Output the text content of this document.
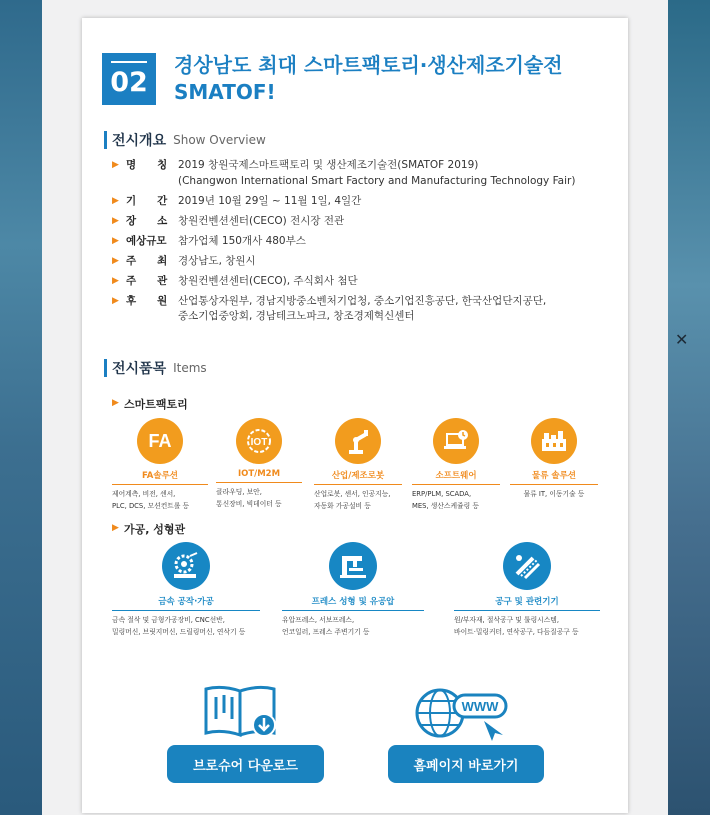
✕
02
경상남도 최대 스마트팩토리·생산제조기술전
SMATOF!
전시개요 Show Overview
▶ 명　　칭	2019 창원국제스마트팩토리 및 생산제조기술전(SMATOF 2019)
(Changwon International Smart Factory and Manufacturing Technology Fair)
▶ 기　　간	2019년 10월 29일 ~ 11월 1일, 4일간
▶ 장　　소	창원컨벤션센터(CECO) 전시장 전관
▶ 예상규모	참가업체 150개사 480부스
▶ 주　　최	경상남도, 창원시
▶ 주　　관	창원컨벤션센터(CECO), 주식회사 첨단
▶ 후　　원	산업통상자원부, 경남지방중소벤처기업청, 중소기업진흥공단, 한국산업단지공단,
중소기업중앙회, 경남테크노파크, 창조경제혁신센터
전시품목 Items
▶ 스마트팩토리
FA
FA솔루션
제어계측, 비전, 센서,
PLC, DCS, 모션컨트롤 등
IOT
IOT/M2M
클라우딩, 보안,
통신장비, 빅데이터 등
산업/제조로봇
산업로봇, 센서, 인공지능,
자동화 가공설비 등
소프트웨어
ERP/PLM, SCADA,
MES, 생산스케쥴링 등
물류 솔루션
물류 IT, 이동기술 등
▶ 가공, 성형관
금속 공작·가공
금속 절삭 및 금형가공장비, CNC선반,
밀링머신, 브릿지머신, 드릴링머신, 연삭기 등
프레스 성형 및 유공압
유압프레스, 서보프레스,
언코일러, 프레스 주변기기 등
공구 및 관련기기
원/부자재, 절삭공구 및 툴링시스템,
바이트·밀링커터, 연삭공구, 다듬질공구 등
WWW
브로슈어 다운로드	홈페이지 바로가기
